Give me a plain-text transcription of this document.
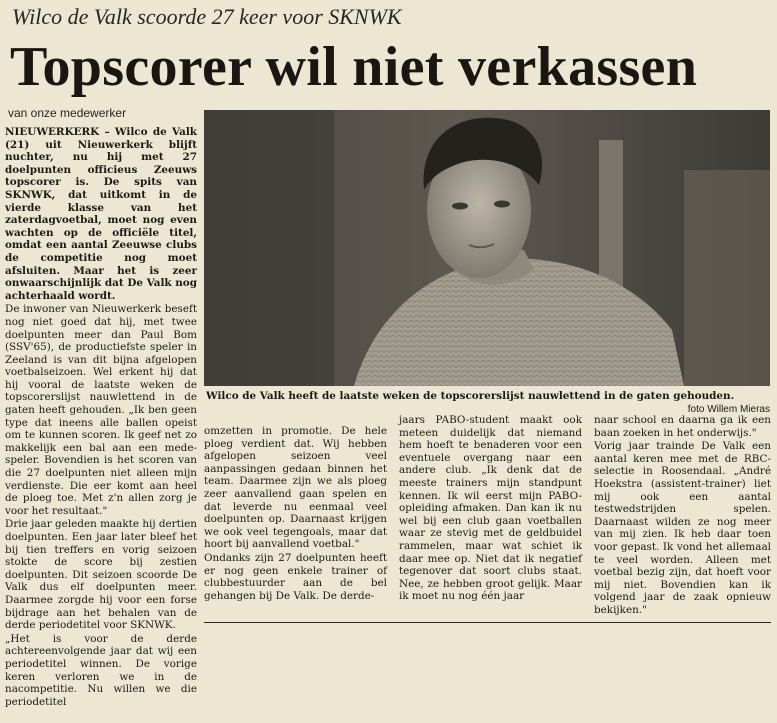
Wilco de Valk scoorde 27 keer voor SKNWK
Topscorer wil niet verkassen
van onze medewerker

NIEUWERKERK – Wilco de Valk (21) uit Nieuwerkerk blijft nuchter, nu hij met 27 doelpunten officieus Zeeuws topscorer is. De spits van SKNWK, dat uitkomt in de vierde klasse van het zaterdagvoetbal, moet nog even wachten op de officiële titel, omdat een aantal Zeeuwse clubs de competitie nog moet afsluiten. Maar het is zeer onwaarschijnlijk dat De Valk nog achterhaald wordt.

De inwoner van Nieuwerkerk beseft nog niet goed dat hij, met twee doelpunten meer dan Paul Bom (SSV'65), de productiefste speler in Zeeland is van dit bijna afgelopen voetbalseizoen. Wel erkent hij dat hij vooral de laatste weken de topscorerslijst nauwlettend in de gaten heeft gehouden. „Ik ben geen type dat ineens alle ballen opeist om te kunnen scoren. Ik geef net zo makkelijk een bal aan een mede-speler. Bovendien is het scoren van die 27 doelpunten niet alleen mijn verdienste. Die eer komt aan heel de ploeg toe. Met z'n allen zorg je voor het resultaat."

Drie jaar geleden maakte hij dertien doelpunten. Een jaar later bleef het bij tien treffers en vorig seizoen stokte de score bij zestien doelpunten. Dit seizoen scoorde De Valk dus elf doelpunten meer. Daarmee zorgde hij voor een forse bijdrage aan het behalen van de derde periodetitel voor SKNWK.

„Het is voor de derde achtereenvolgende jaar dat wij een periodetitel winnen. De vorige keren verloren we in de nacompetitie. Nu willen we die periodetitel

Wilco de Valk heeft de laatste weken de topscorerslijst nauwlettend in de gaten gehouden.
foto Willem Mieras

omzetten in promotie. De hele ploeg verdient dat. Wij hebben afgelopen seizoen veel aanpassingen gedaan binnen het team. Daarmee zijn we als ploeg zeer aanvallend gaan spelen en dat leverde nu eenmaal veel doelpunten op. Daarnaast krijgen we ook veel tegengoals, maar dat hoort bij aanvallend voetbal."

Ondanks zijn 27 doelpunten heeft er nog geen enkele trainer of clubbestuurder aan de bel gehangen bij De Valk. De derde-

jaars PABO-student maakt ook meteen duidelijk dat niemand hem hoeft te benaderen voor een eventuele overgang naar een andere club. „Ik denk dat de meeste trainers mijn standpunt kennen. Ik wil eerst mijn PABO-opleiding afmaken. Dan kan ik nu wel bij een club gaan voetballen waar ze stevig met de geldbuidel rammelen, maar wat schiet ik daar mee op. Niet dat ik negatief tegenover dat soort clubs staat. Nee, ze hebben groot gelijk. Maar ik moet nu nog één jaar

naar school en daarna ga ik een baan zoeken in het onderwijs."

Vorig jaar trainde De Valk een aantal keren mee met de RBC-selectie in Roosendaal. „André Hoekstra (assistent-trainer) liet mij ook een aantal testwedstrijden spelen. Daarnaast wilden ze nog meer van mij zien. Ik heb daar toen voor gepast. Ik vond het allemaal te veel worden. Alleen met voetbal bezig zijn, dat hoeft voor mij niet. Bovendien kan ik volgend jaar de zaak opnieuw bekijken."
